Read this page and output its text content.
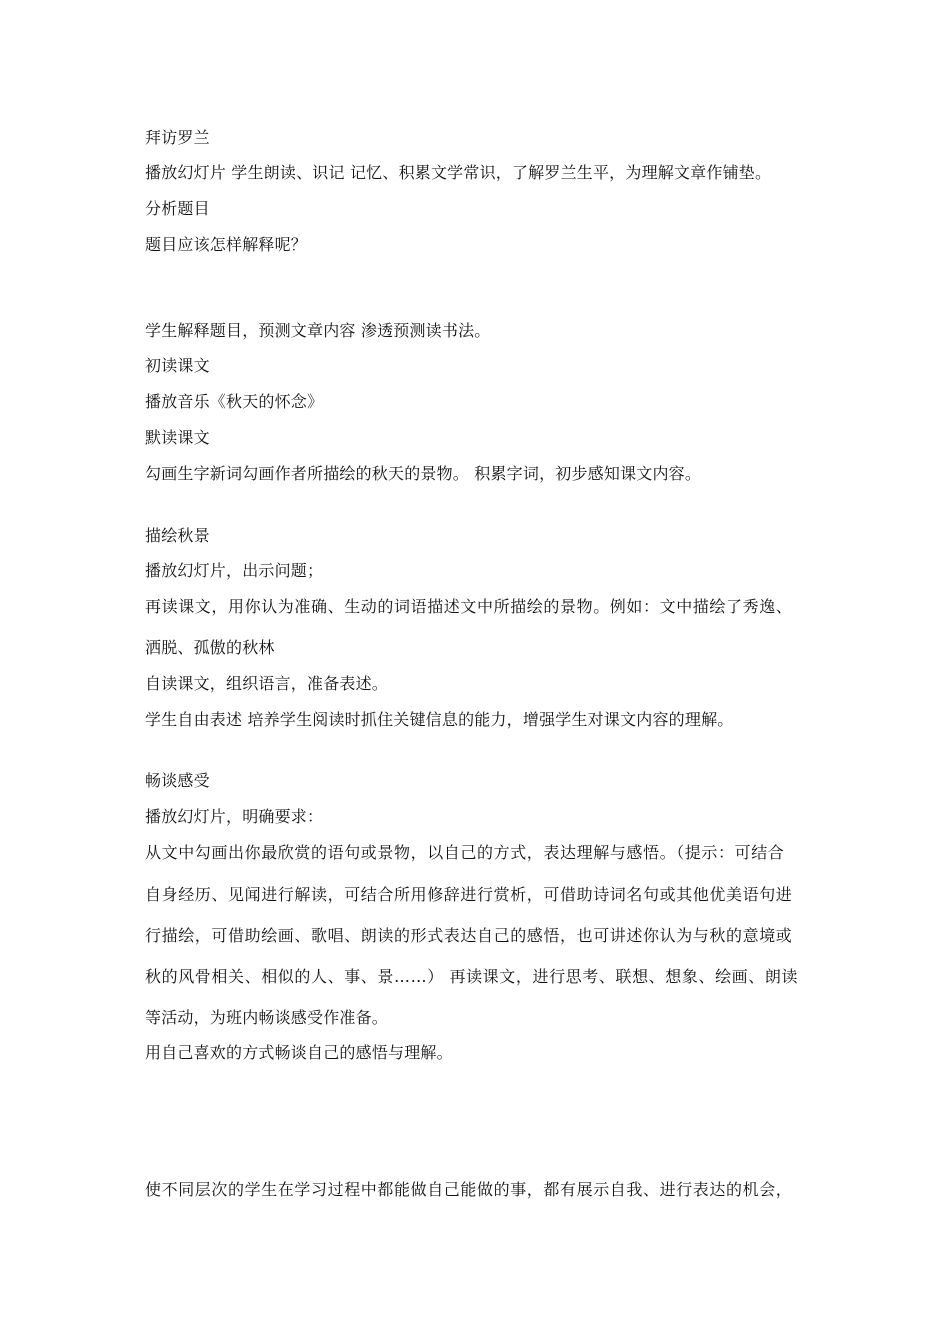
拜访罗兰
播放幻灯片 学生朗读、识记 记忆、积累文学常识，了解罗兰生平，为理解文章作铺垫。
分析题目
题目应该怎样解释呢？
学生解释题目，预测文章内容 渗透预测读书法。
初读课文
播放音乐《秋天的怀念》
默读课文
勾画生字新词勾画作者所描绘的秋天的景物。 积累字词，初步感知课文内容。
描绘秋景
播放幻灯片，出示问题；
再读课文，用你认为准确、生动的词语描述文中所描绘的景物。例如：文中描绘了秀逸、
洒脱、孤傲的秋林
自读课文，组织语言，准备表述。
学生自由表述 培养学生阅读时抓住关键信息的能力，增强学生对课文内容的理解。
畅谈感受
播放幻灯片，明确要求：
从文中勾画出你最欣赏的语句或景物，以自己的方式，表达理解与感悟。（提示：可结合
自身经历、见闻进行解读，可结合所用修辞进行赏析，可借助诗词名句或其他优美语句进
行描绘，可借助绘画、歌唱、朗读的形式表达自己的感悟，也可讲述你认为与秋的意境或
秋的风骨相关、相似的人、事、景……） 再读课文，进行思考、联想、想象、绘画、朗读
等活动，为班内畅谈感受作准备。
用自己喜欢的方式畅谈自己的感悟与理解。
使不同层次的学生在学习过程中都能做自己能做的事，都有展示自我、进行表达的机会，
